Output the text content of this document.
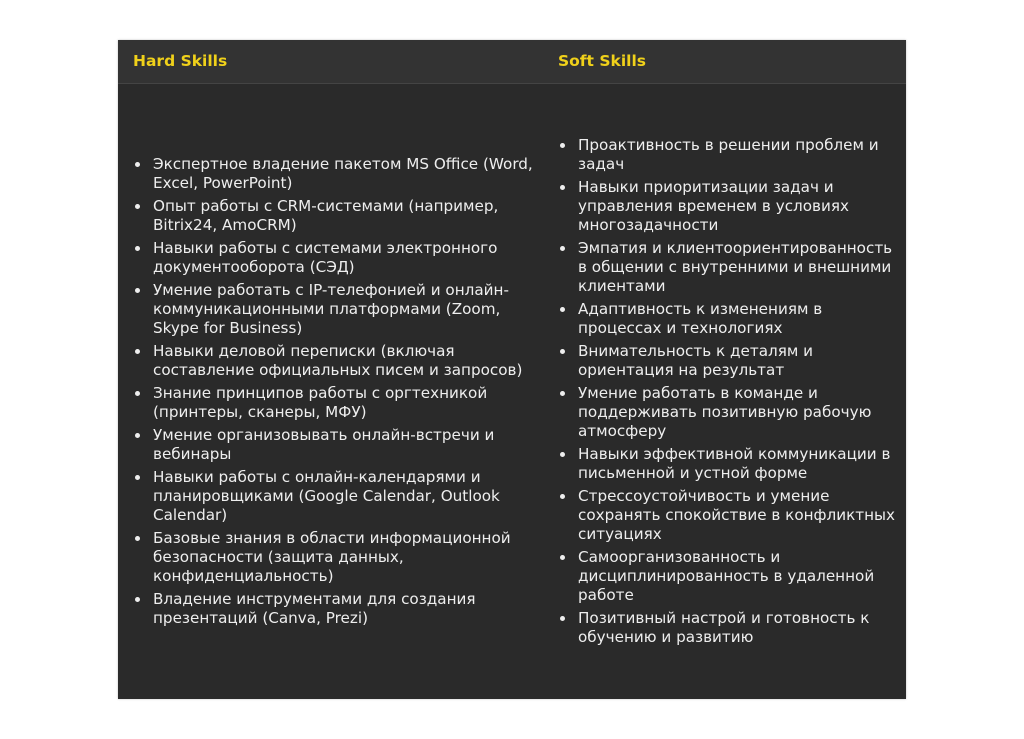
Hard Skills	Soft Skills
Экспертное владение пакетом MS Office (Word, Excel, PowerPoint)
Опыт работы с CRM-системами (например, Bitrix24, AmoCRM)
Навыки работы с системами электронного документооборота (СЭД)
Умение работать с IP-телефонией и онлайн-коммуникационными платформами (Zoom, Skype for Business)
Навыки деловой переписки (включая составление официальных писем и запросов)
Знание принципов работы с оргтехникой (принтеры, сканеры, МФУ)
Умение организовывать онлайн-встречи и вебинары
Навыки работы с онлайн-календарями и планировщиками (Google Calendar, Outlook Calendar)
Базовые знания в области информационной безопасности (защита данных, конфиденциальность)
Владение инструментами для создания презентаций (Canva, Prezi)
Проактивность в решении проблем и задач
Навыки приоритизации задач и управления временем в условиях многозадачности
Эмпатия и клиентоориентированность в общении с внутренними и внешними клиентами
Адаптивность к изменениям в процессах и технологиях
Внимательность к деталям и ориентация на результат
Умение работать в команде и поддерживать позитивную рабочую атмосферу
Навыки эффективной коммуникации в письменной и устной форме
Стрессоустойчивость и умение сохранять спокойствие в конфликтных ситуациях
Самоорганизованность и дисциплинированность в удаленной работе
Позитивный настрой и готовность к обучению и развитию
